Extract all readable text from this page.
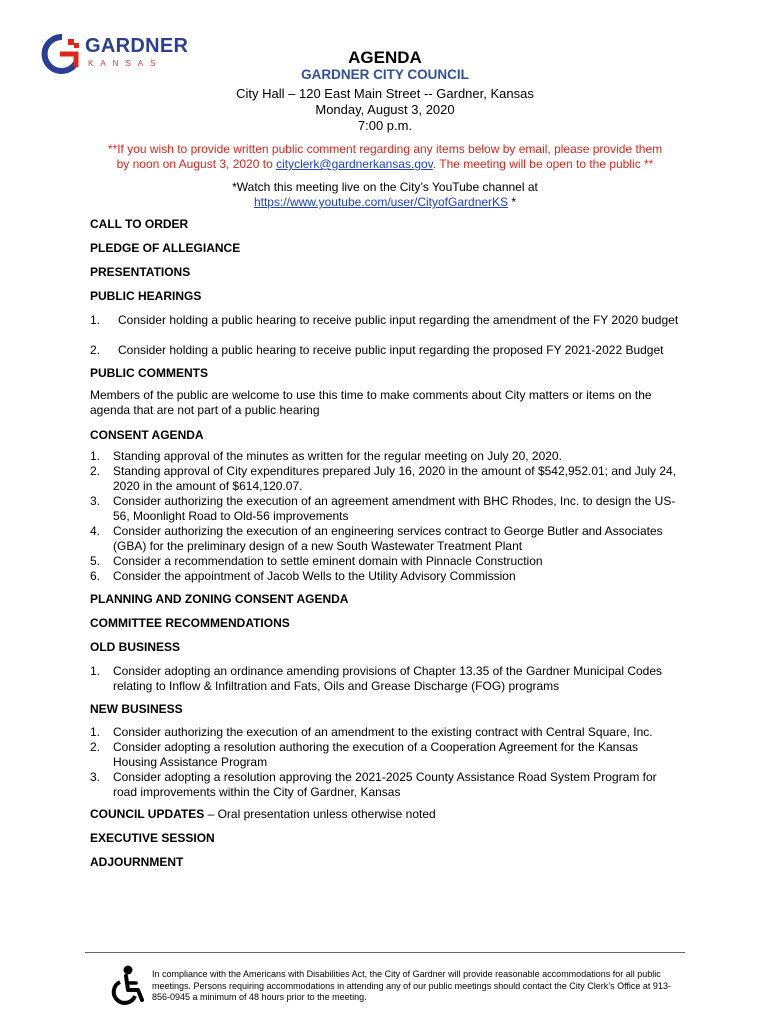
GARDNER
KANSAS	AGENDA
GARDNER CITY COUNCIL
City Hall – 120 East Main Street -- Gardner, Kansas
Monday, August 3, 2020
7:00 p.m.
**If you wish to provide written public comment regarding any items below by email, please provide them
by noon on August 3, 2020 to cityclerk@gardnerkansas.gov. The meeting will be open to the public **
*Watch this meeting live on the City’s YouTube channel at
https://www.youtube.com/user/CityofGardnerKS *
CALL TO ORDER
PLEDGE OF ALLEGIANCE
PRESENTATIONS
PUBLIC HEARINGS
1. Consider holding a public hearing to receive public input regarding the amendment of the FY 2020 budget
2. Consider holding a public hearing to receive public input regarding the proposed FY 2021-2022 Budget
PUBLIC COMMENTS
Members of the public are welcome to use this time to make comments about City matters or items on the agenda that are not part of a public hearing
CONSENT AGENDA
1. Standing approval of the minutes as written for the regular meeting on July 20, 2020.
2. Standing approval of City expenditures prepared July 16, 2020 in the amount of $542,952.01; and July 24, 2020 in the amount of $614,120.07.
3. Consider authorizing the execution of an agreement amendment with BHC Rhodes, Inc. to design the US-56, Moonlight Road to Old-56 improvements
4. Consider authorizing the execution of an engineering services contract to George Butler and Associates (GBA) for the preliminary design of a new South Wastewater Treatment Plant
5. Consider a recommendation to settle eminent domain with Pinnacle Construction
6. Consider the appointment of Jacob Wells to the Utility Advisory Commission
PLANNING AND ZONING CONSENT AGENDA
COMMITTEE RECOMMENDATIONS
OLD BUSINESS
1. Consider adopting an ordinance amending provisions of Chapter 13.35 of the Gardner Municipal Codes relating to Inflow & Infiltration and Fats, Oils and Grease Discharge (FOG) programs
NEW BUSINESS
1. Consider authorizing the execution of an amendment to the existing contract with Central Square, Inc.
2. Consider adopting a resolution authoring the execution of a Cooperation Agreement for the Kansas Housing Assistance Program
3. Consider adopting a resolution approving the 2021-2025 County Assistance Road System Program for road improvements within the City of Gardner, Kansas
COUNCIL UPDATES – Oral presentation unless otherwise noted
EXECUTIVE SESSION
ADJOURNMENT
In compliance with the Americans with Disabilities Act, the City of Gardner will provide reasonable accommodations for all public meetings. Persons requiring accommodations in attending any of our public meetings should contact the City Clerk’s Office at 913-856-0945 a minimum of 48 hours prior to the meeting.
